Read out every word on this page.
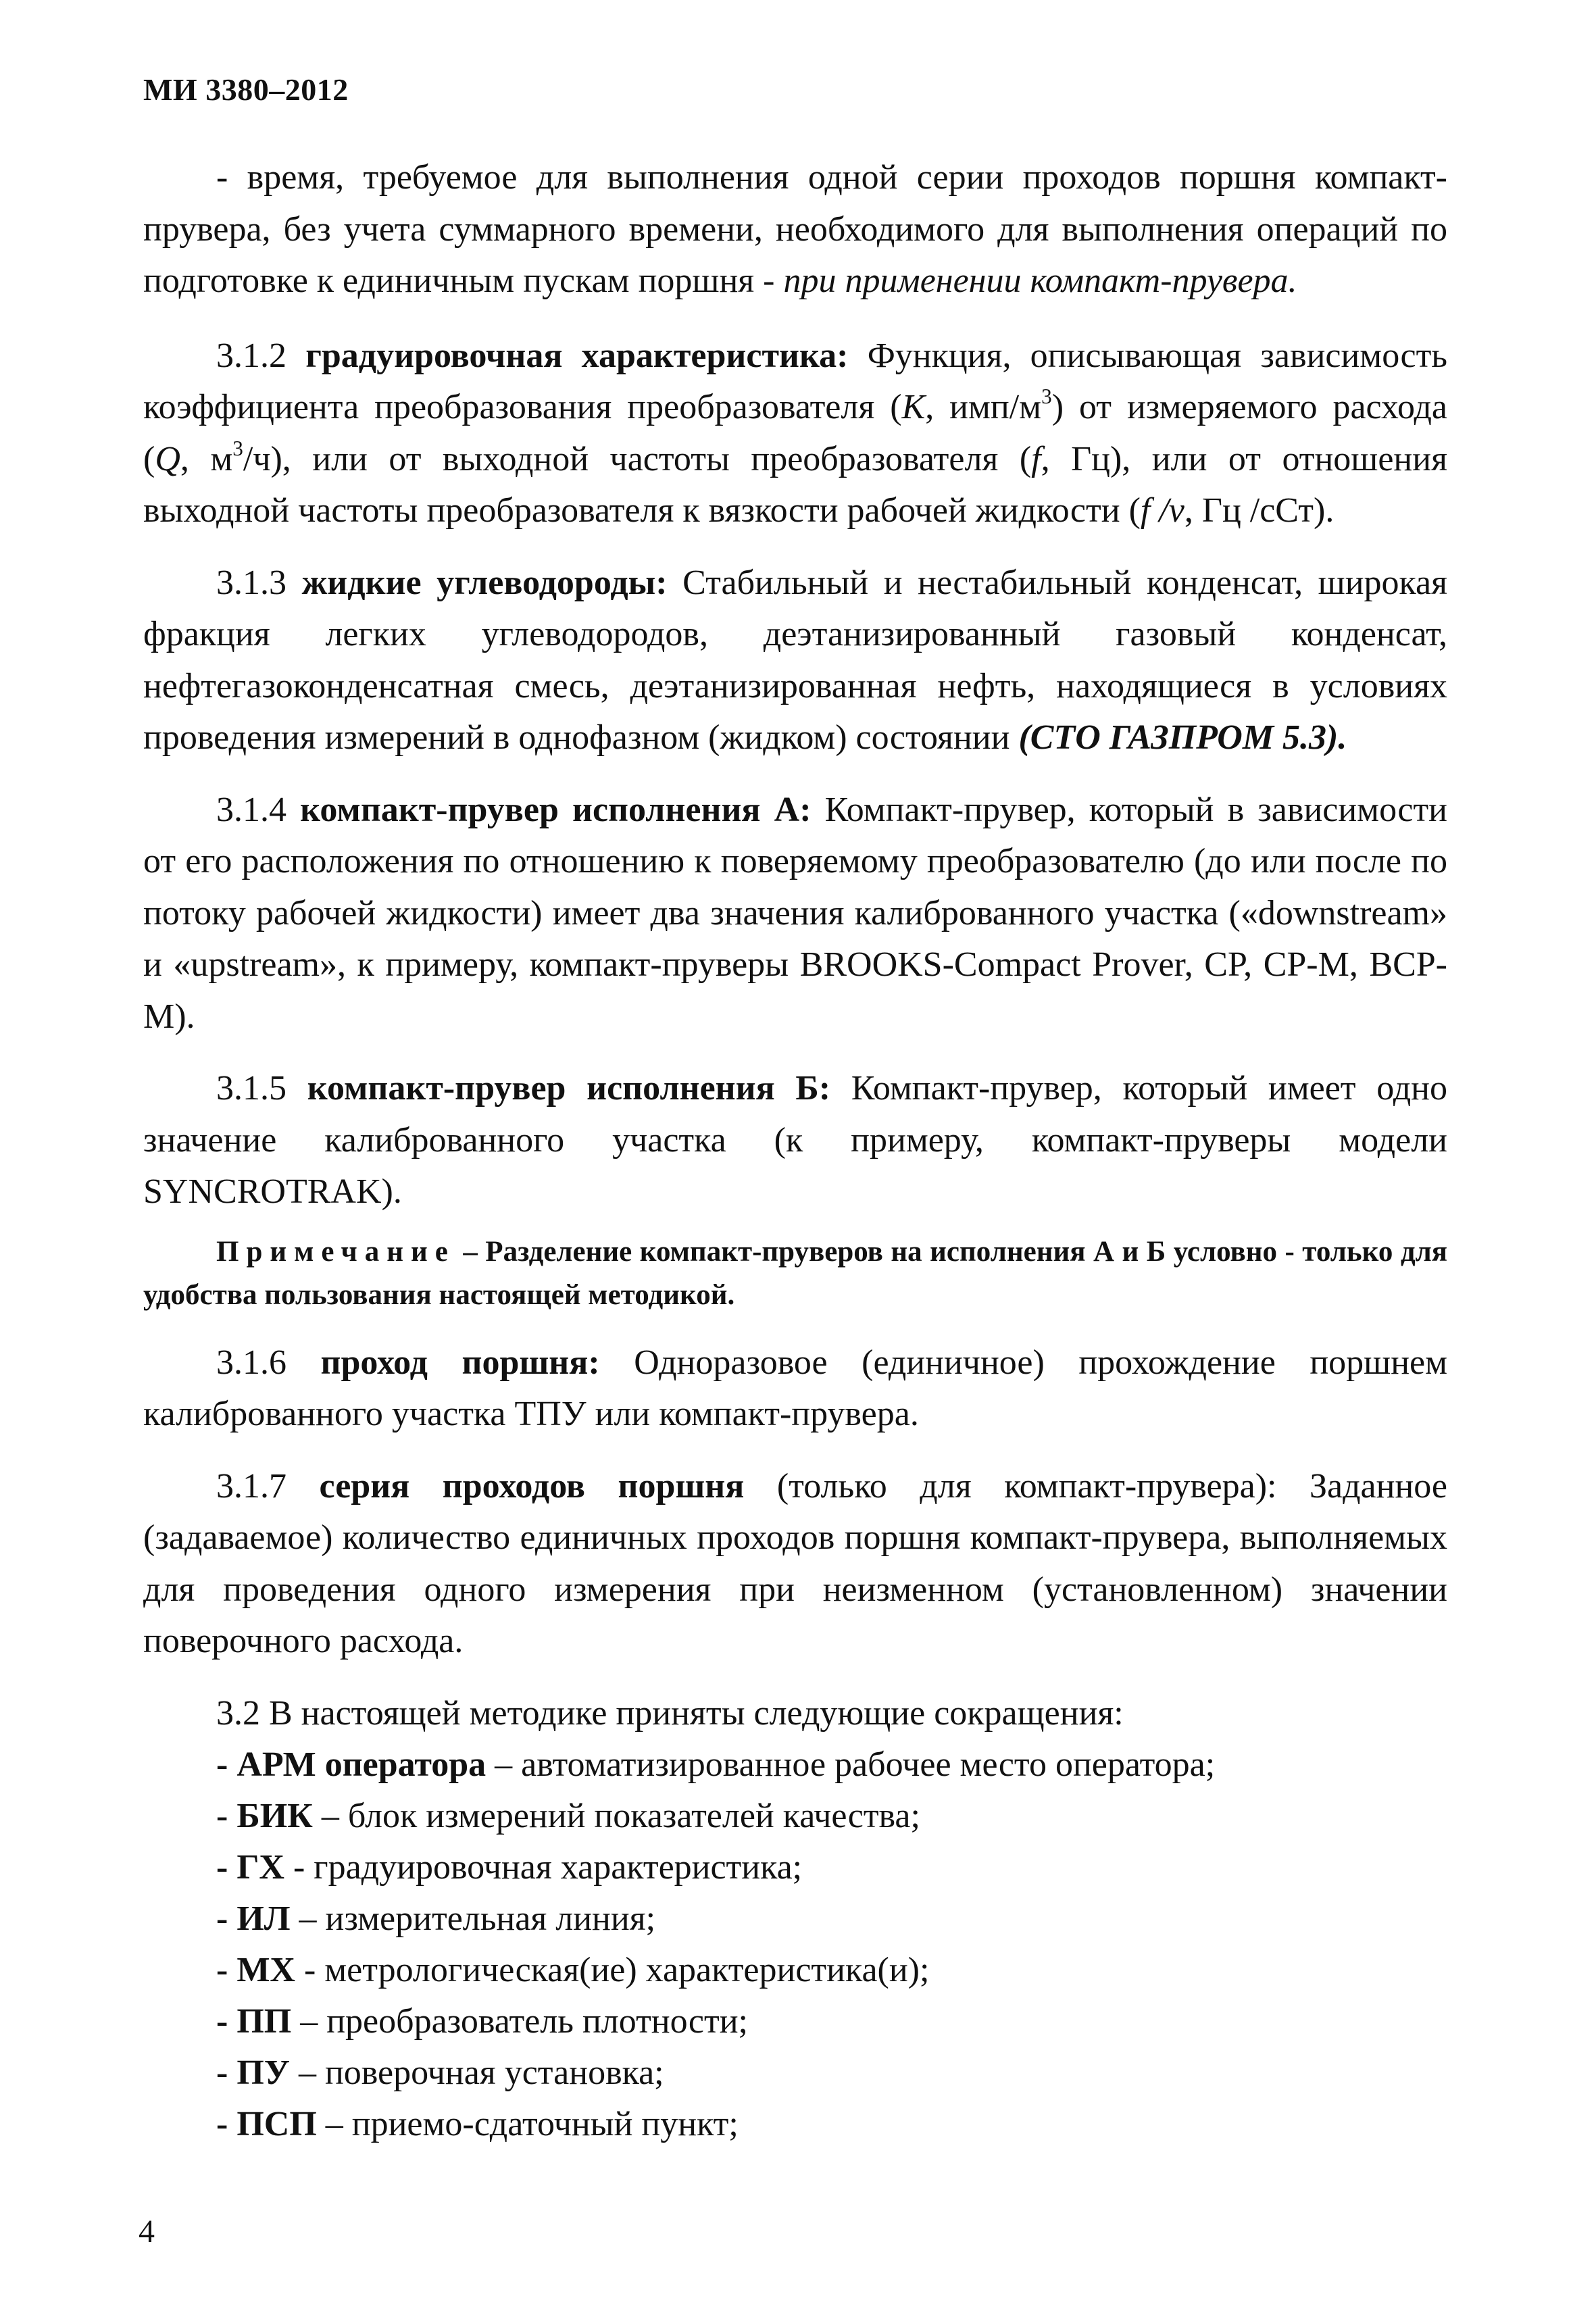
МИ 3380–2012

- время, требуемое для выполнения одной серии проходов поршня компакт-прувера, без учета суммарного времени, необходимого для выполнения операций по подготовке к единичным пускам поршня - при применении компакт-прувера.

3.1.2 градуировочная характеристика: Функция, описывающая зависимость коэффициента преобразования преобразователя (K, имп/$м^3$) от измеряемого расхода (Q, $м^3/ч$), или от выходной частоты преобразователя (f, Гц), или от отношения выходной частоты преобразователя к вязкости рабочей жидкости (f /v, Гц /cСт).

3.1.3 жидкие углеводороды: Стабильный и нестабильный конденсат, широкая фракция легких углеводородов, деэтанизированный газовый конденсат, нефтегазоконденсатная смесь, деэтанизированная нефть, находящиеся в условиях проведения измерений в однофазном (жидком) состоянии (СТО ГАЗПРОМ 5.3).

3.1.4 компакт-прувер исполнения А: Компакт-прувер, который в зависимости от его расположения по отношению к поверяемому преобразователю (до или после по потоку рабочей жидкости) имеет два значения калиброванного участка («downstream» и «upstream», к примеру, компакт-пруверы BROOKS-Compact Prover, CP, CP-M, BCP-M).

3.1.5 компакт-прувер исполнения Б: Компакт-прувер, который имеет одно значение калиброванного участка (к примеру, компакт-пруверы модели SYNCROTRAK).

Примечание – Разделение компакт-пруверов на исполнения А и Б условно - только для удобства пользования настоящей методикой.

3.1.6 проход поршня: Одноразовое (единичное) прохождение поршнем калиброванного участка ТПУ или компакт-прувера.

3.1.7 серия проходов поршня (только для компакт-прувера): Заданное (задаваемое) количество единичных проходов поршня компакт-прувера, выполняемых для проведения одного измерения при неизменном (установленном) значении поверочного расхода.

3.2 В настоящей методике приняты следующие сокращения:

- АРМ оператора – автоматизированное рабочее место оператора;

- БИК – блок измерений показателей качества;

- ГХ - градуировочная характеристика;

- ИЛ – измерительная линия;

- МХ - метрологическая(ие) характеристика(и);

- ПП – преобразователь плотности;

- ПУ – поверочная установка;

- ПСП – приемо-сдаточный пункт;

4
